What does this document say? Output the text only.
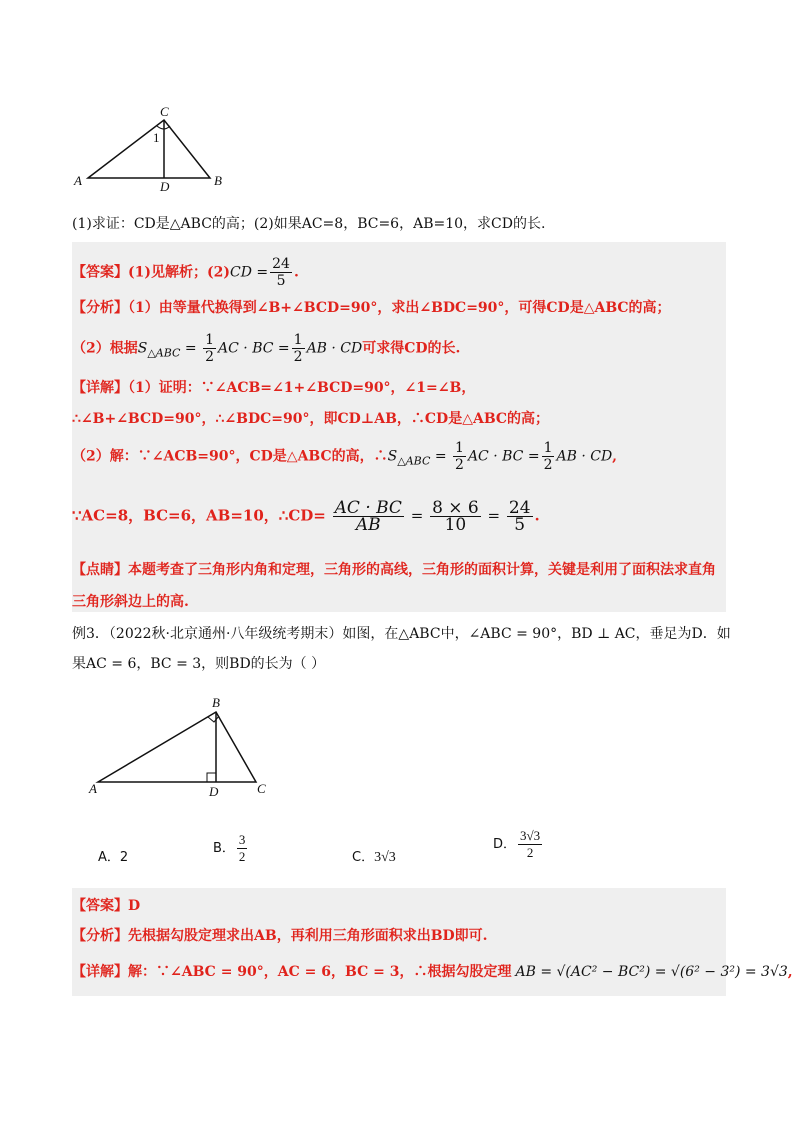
C
1
A	D	B
(1)求证：CD是△ABC的高；(2)如果AC=8，BC=6，AB=10，求CD的长.
【答案】(1)见解析；$(2)CD = \frac{24}{5}$ .
【分析】（1）由等量代换得到∠B+∠BCD=90°，求出∠BDC=90°，可得CD是△ABC的高；
（2）根据$S_{\triangle ABC} = \frac{1}{2}$ AC · BC = $\frac{1}{2}$ AB · CD可求得CD的长.
【详解】（1）证明：∵∠ACB=∠1+∠BCD=90°，∠1=∠B，
∴∠B+∠BCD=90°，∴∠BDC=90°，即CD⊥AB，∴CD是△ABC的高；
（2）解：∵∠ACB=90°，CD是△ABC的高，$\therefore S_{\triangle ABC} = \frac{1}{2}$ AC · BC = $\frac{1}{2}$ AB · CD,
∵AC=8，BC=6，AB=10，∴CD= $\frac{AC \cdot BC}{AB} = \frac{8 \times 6}{10} = \frac{24}{5}$ .
【点睛】本题考查了三角形内角和定理，三角形的高线，三角形的面积计算，关键是利用了面积法求直角
三角形斜边上的高.
例3．（2022秋·北京通州·八年级统考期末）如图，在△ABC中，∠ABC = 90°，BD ⊥ AC，垂足为D．如
果AC = 6，BC = 3，则BD的长为（ ）
B
A	D	C
A．2
B． $\frac{3}{2}$	C．3√3
D． $\frac{3√3}{2}$
【答案】D
【分析】先根据勾股定理求出AB，再利用三角形面积求出BD即可.
【详解】解：∵∠ABC = 90°，AC = 6，BC = 3，∴根据勾股定理 AB = √(AC² − BC²) = √(6² − 3²) = 3√3,
